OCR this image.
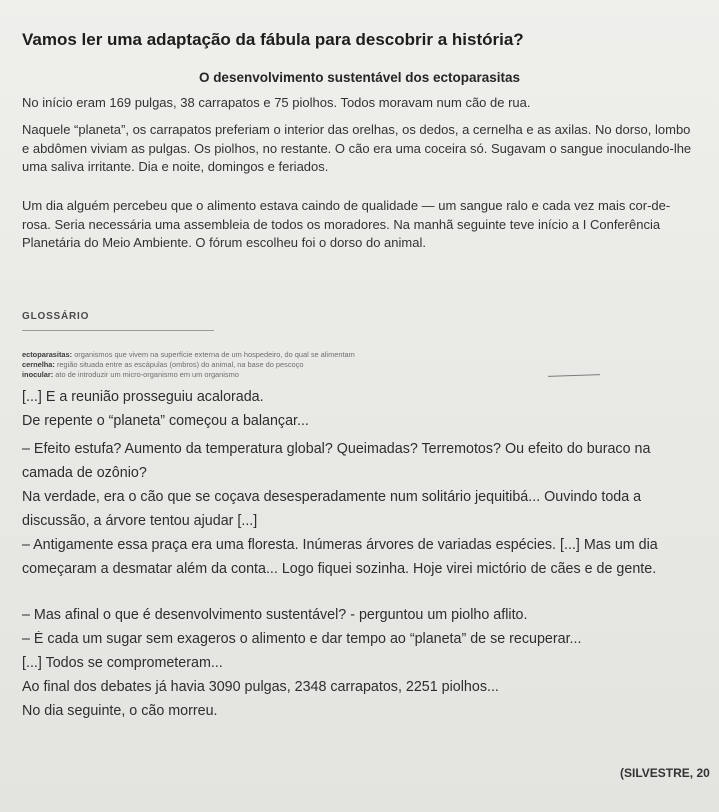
Vamos ler uma adaptação da fábula para descobrir a história?
O desenvolvimento sustentável dos ectoparasitas
No início eram 169 pulgas, 38 carrapatos e 75 piolhos. Todos moravam num cão de rua.
Naquele “planeta”, os carrapatos preferiam o interior das orelhas, os dedos, a cernelha e as axilas. No dorso, lombo e abdômen viviam as pulgas. Os piolhos, no restante. O cão era uma coceira só. Sugavam o sangue inoculando-lhe uma saliva irritante. Dia e noite, domingos e feriados.
Um dia alguém percebeu que o alimento estava caindo de qualidade — um sangue ralo e cada vez mais cor-de-rosa. Seria necessária uma assembleia de todos os moradores. Na manhã seguinte teve início a I Conferência Planetária do Meio Ambiente. O fórum escolheu foi o dorso do animal.
GLOSSÁRIO
ectoparasitas: organismos que vivem na superfície externa de um hospedeiro, do qual se alimentam
cernelha: região situada entre as escápulas (ombros) do animal, na base do pescoço
inocular: ato de introduzir um micro-organismo em um organismo
[...] E a reunião prosseguiu acalorada.
De repente o “planeta” começou a balançar...
– Efeito estufa? Aumento da temperatura global? Queimadas? Terremotos? Ou efeito do buraco na camada de ozônio?
Na verdade, era o cão que se coçava desesperadamente num solitário jequitibá... Ouvindo toda a discussão, a árvore tentou ajudar [...]
– Antigamente essa praça era uma floresta. Inúmeras árvores de variadas espécies. [...] Mas um dia começaram a desmatar além da conta... Logo fiquei sozinha. Hoje virei mictório de cães e de gente.
– Mas afinal o que é desenvolvimento sustentável? - perguntou um piolho aflito.
– É cada um sugar sem exageros o alimento e dar tempo ao “planeta” de se recuperar...
[...] Todos se comprometeram...
Ao final dos debates já havia 3090 pulgas, 2348 carrapatos, 2251 piolhos...
No dia seguinte, o cão morreu.
(SILVESTRE, 20
